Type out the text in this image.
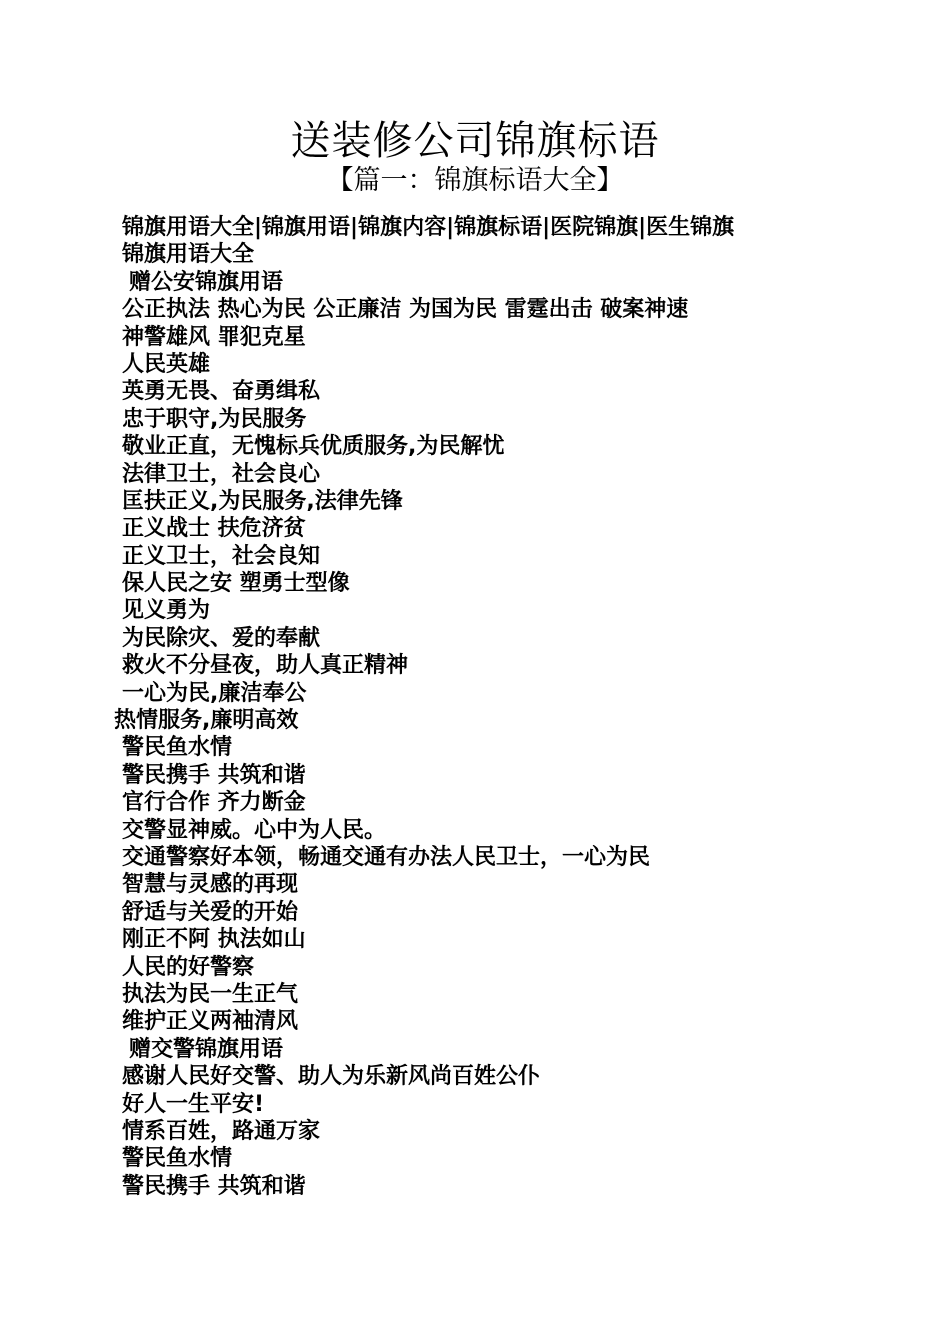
送装修公司锦旗标语
【篇一：锦旗标语大全】
锦旗用语大全|锦旗用语|锦旗内容|锦旗标语|医院锦旗|医生锦旗
锦旗用语大全
赠公安锦旗用语
公正执法 热心为民 公正廉洁 为国为民 雷霆出击 破案神速
神警雄风 罪犯克星
人民英雄
英勇无畏、奋勇缉私
忠于职守,为民服务
敬业正直，无愧标兵优质服务,为民解忧
法律卫士，社会良心
匡扶正义,为民服务,法律先锋
正义战士 扶危济贫
正义卫士，社会良知
保人民之安 塑勇士型像
见义勇为
为民除灾、爱的奉献
救火不分昼夜，助人真正精神
一心为民,廉洁奉公
热情服务,廉明高效
警民鱼水情
警民携手 共筑和谐
官行合作 齐力断金
交警显神威。心中为人民。
交通警察好本领，畅通交通有办法人民卫士，一心为民
智慧与灵感的再现
舒适与关爱的开始
刚正不阿 执法如山
人民的好警察
执法为民一生正气
维护正义两袖清风
赠交警锦旗用语
感谢人民好交警、助人为乐新风尚百姓公仆
好人一生平安!
情系百姓，路通万家
警民鱼水情
警民携手 共筑和谐
